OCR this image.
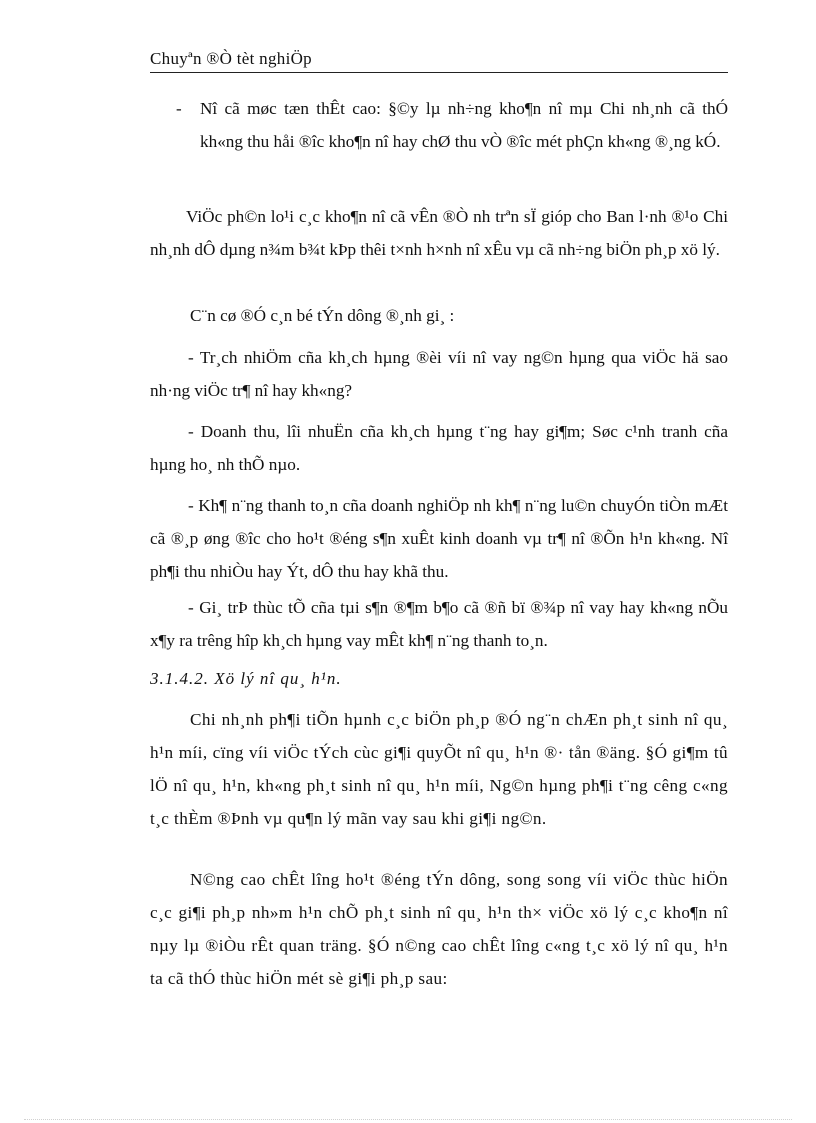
Chuyªn ®Ò tèt nghiÖp
- Nî cã møc tæn thÊt cao: §©y lµ nh÷ng kho¶n nî mµ Chi nh¸nh cã thÓ kh«ng thu håi ®îc kho¶n nî hay chØ thu vÒ ®îc mét phÇn kh«ng ®¸ng kÓ.
ViÖc ph©n lo¹i c¸c kho¶n nî cã vÊn ®Ò nh trªn sÏ gióp cho Ban l·nh ®¹o Chi nh¸nh dÔ dµng n¾m b¾t kÞp thêi t×nh h×nh nî xÊu vµ cã nh÷ng biÖn ph¸p xö lý.
C¨n cø ®Ó c¸n bé tÝn dông ®¸nh gi¸ :
- Tr¸ch nhiÖm cña kh¸ch hµng ®èi víi nî vay ng©n hµng qua viÖc hä sao nh·ng viÖc tr¶ nî hay kh«ng?
- Doanh thu, lîi nhuËn cña kh¸ch hµng t¨ng hay gi¶m; Søc c¹nh tranh cña hµng ho¸ nh thÕ nµo.
- Kh¶ n¨ng thanh to¸n cña doanh nghiÖp nh kh¶ n¨ng lu©n chuyÓn tiÒn mÆt cã ®¸p øng ®îc cho ho¹t ®éng s¶n xuÊt kinh doanh vµ tr¶ nî ®Õn h¹n kh«ng. Nî ph¶i thu nhiÒu hay Ýt, dÔ thu hay khã thu.
- Gi¸ trÞ thùc tÕ cña tµi s¶n ®¶m b¶o cã ®ñ bï ®¾p nî vay hay kh«ng nÕu x¶y ra trêng hîp kh¸ch hµng vay mÊt kh¶ n¨ng thanh to¸n.
3.1.4.2. Xö lý nî qu¸ h¹n.
Chi nh¸nh ph¶i tiÕn hµnh c¸c biÖn ph¸p ®Ó ng¨n chÆn ph¸t sinh nî qu¸ h¹n míi, cïng víi viÖc tÝch cùc gi¶i quyÕt nî qu¸ h¹n ®· tån ®äng. §Ó gi¶m tû lÖ nî qu¸ h¹n, kh«ng ph¸t sinh nî qu¸ h¹n míi, Ng©n hµng ph¶i t¨ng cêng c«ng t¸c thÈm ®Þnh vµ qu¶n lý mãn vay sau khi gi¶i ng©n.
N©ng cao chÊt lîng ho¹t ®éng tÝn dông, song song víi viÖc thùc hiÖn c¸c gi¶i ph¸p nh»m h¹n chÕ ph¸t sinh nî qu¸ h¹n th× viÖc xö lý c¸c kho¶n nî nµy lµ ®iÒu rÊt quan träng. §Ó n©ng cao chÊt lîng c«ng t¸c xö lý nî qu¸ h¹n ta cã thÓ thùc hiÖn mét sè gi¶i ph¸p sau:
